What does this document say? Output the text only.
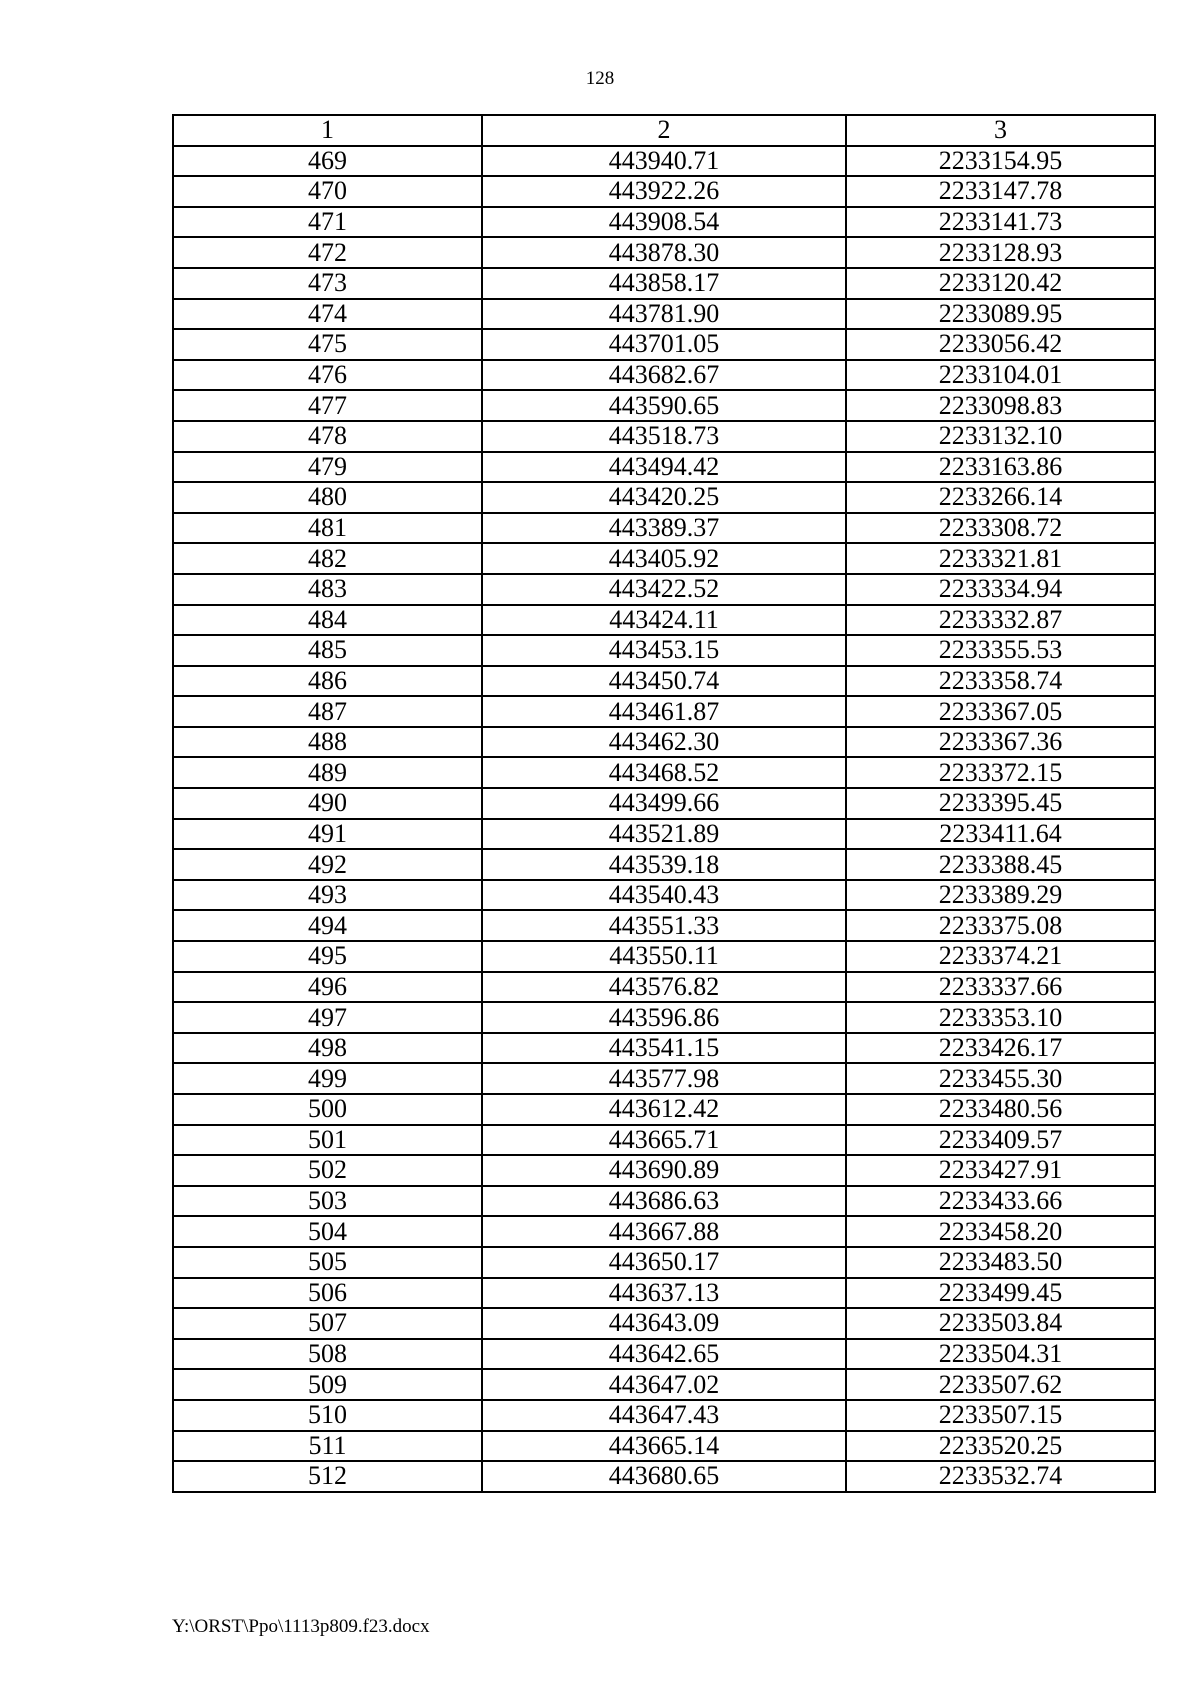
128
1	2	3
469	443940.71	2233154.95
470	443922.26	2233147.78
471	443908.54	2233141.73
472	443878.30	2233128.93
473	443858.17	2233120.42
474	443781.90	2233089.95
475	443701.05	2233056.42
476	443682.67	2233104.01
477	443590.65	2233098.83
478	443518.73	2233132.10
479	443494.42	2233163.86
480	443420.25	2233266.14
481	443389.37	2233308.72
482	443405.92	2233321.81
483	443422.52	2233334.94
484	443424.11	2233332.87
485	443453.15	2233355.53
486	443450.74	2233358.74
487	443461.87	2233367.05
488	443462.30	2233367.36
489	443468.52	2233372.15
490	443499.66	2233395.45
491	443521.89	2233411.64
492	443539.18	2233388.45
493	443540.43	2233389.29
494	443551.33	2233375.08
495	443550.11	2233374.21
496	443576.82	2233337.66
497	443596.86	2233353.10
498	443541.15	2233426.17
499	443577.98	2233455.30
500	443612.42	2233480.56
501	443665.71	2233409.57
502	443690.89	2233427.91
503	443686.63	2233433.66
504	443667.88	2233458.20
505	443650.17	2233483.50
506	443637.13	2233499.45
507	443643.09	2233503.84
508	443642.65	2233504.31
509	443647.02	2233507.62
510	443647.43	2233507.15
511	443665.14	2233520.25
512	443680.65	2233532.74
Y:\ORST\Ppo\1113p809.f23.docx
